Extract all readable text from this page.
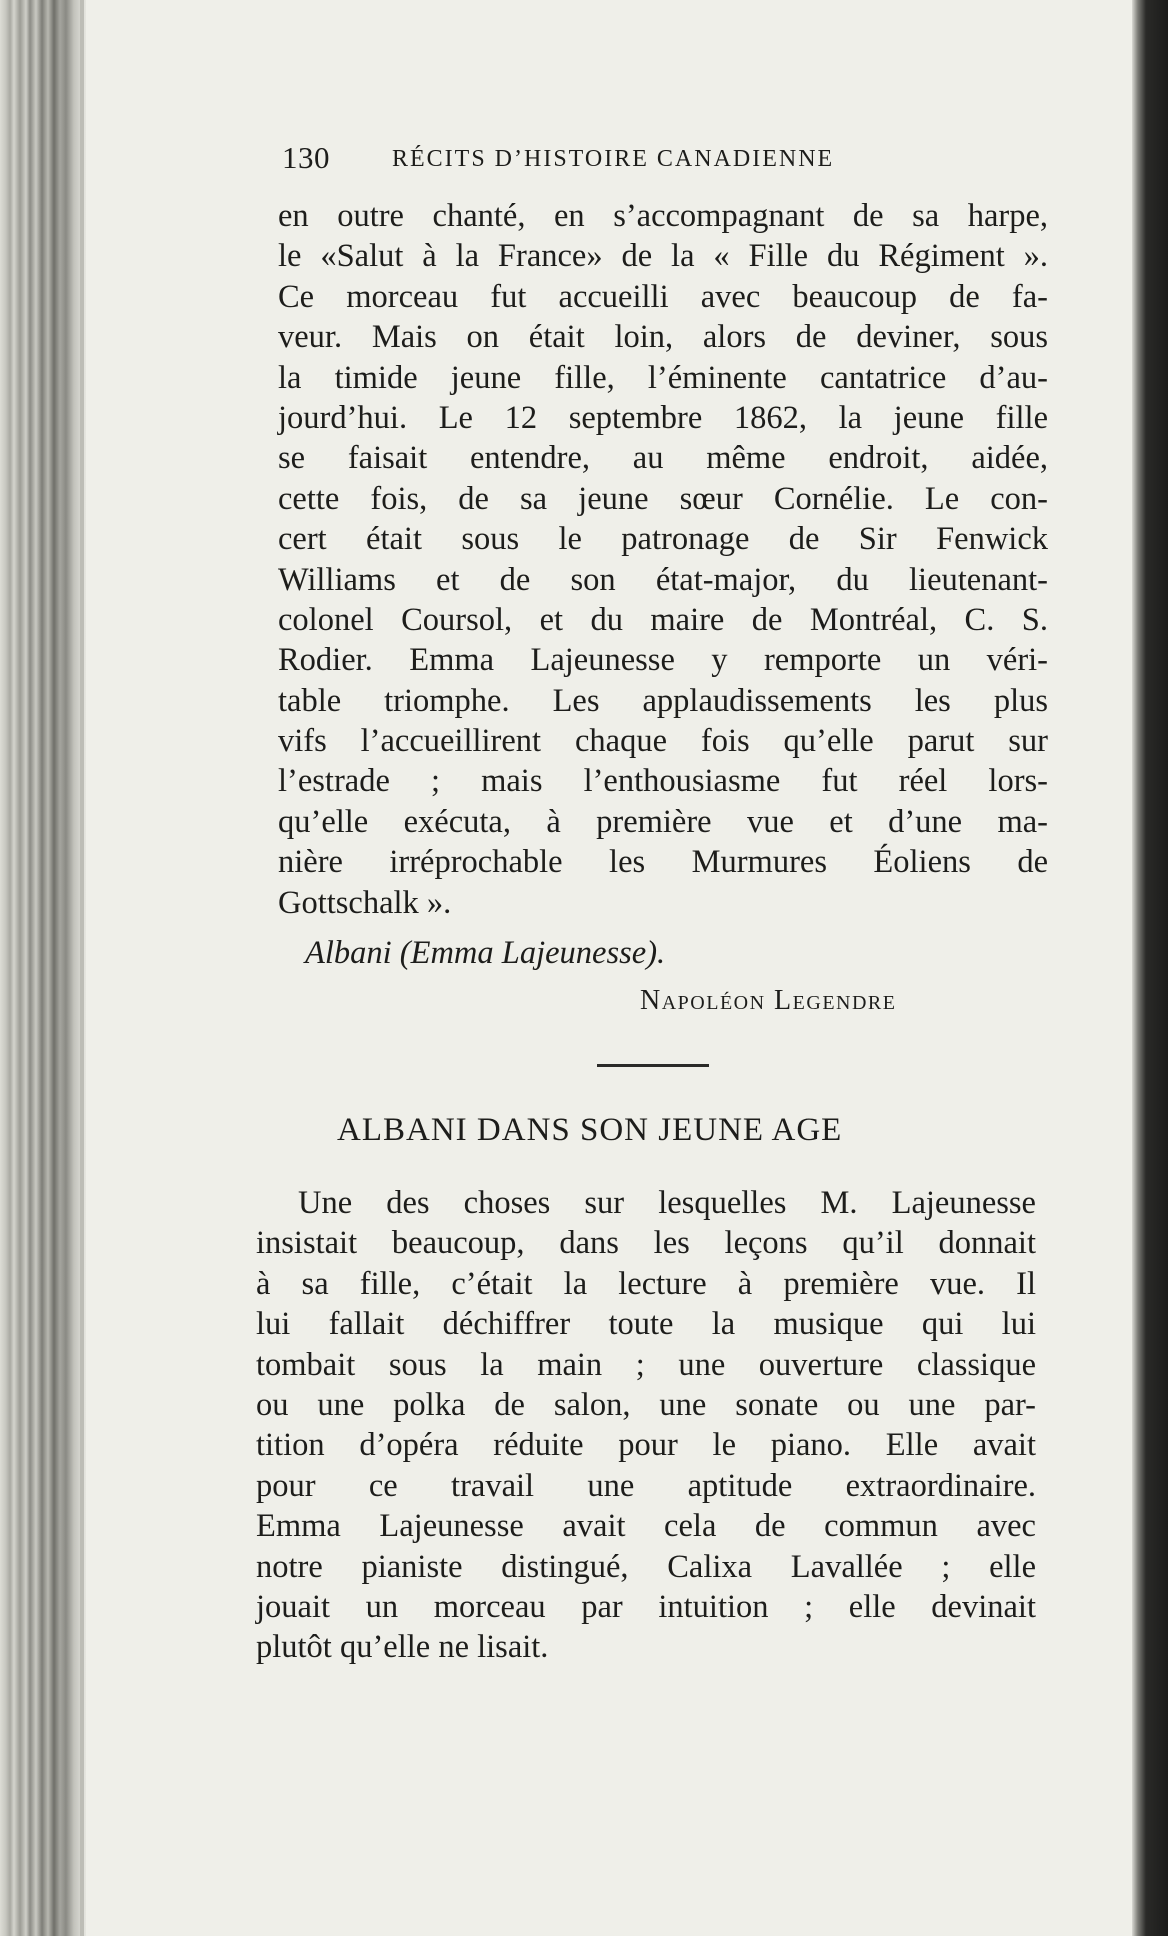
130	RÉCITS D’HISTOIRE CANADIENNE
en outre chanté, en s’accompagnant de sa harpe,
le «Salut à la France» de la « Fille du Régiment ».
Ce morceau fut accueilli avec beaucoup de fa-
veur. Mais on était loin, alors de deviner, sous
la timide jeune fille, l’éminente cantatrice d’au-
jourd’hui. Le 12 septembre 1862, la jeune fille
se faisait entendre, au même endroit, aidée,
cette fois, de sa jeune sœur Cornélie. Le con-
cert était sous le patronage de Sir Fenwick
Williams et de son état-major, du lieutenant-
colonel Coursol, et du maire de Montréal, C. S.
Rodier. Emma Lajeunesse y remporte un véri-
table triomphe. Les applaudissements les plus
vifs l’accueillirent chaque fois qu’elle parut sur
l’estrade ; mais l’enthousiasme fut réel lors-
qu’elle exécuta, à première vue et d’une ma-
nière irréprochable les Murmures Éoliens de
Gottschalk ».
Albani (Emma Lajeunesse).
Napoléon Legendre
ALBANI DANS SON JEUNE AGE
Une des choses sur lesquelles M. Lajeunesse
insistait beaucoup, dans les leçons qu’il donnait
à sa fille, c’était la lecture à première vue. Il
lui fallait déchiffrer toute la musique qui lui
tombait sous la main ; une ouverture classique
ou une polka de salon, une sonate ou une par-
tition d’opéra réduite pour le piano. Elle avait
pour ce travail une aptitude extraordinaire.
Emma Lajeunesse avait cela de commun avec
notre pianiste distingué, Calixa Lavallée ; elle
jouait un morceau par intuition ; elle devinait
plutôt qu’elle ne lisait.
